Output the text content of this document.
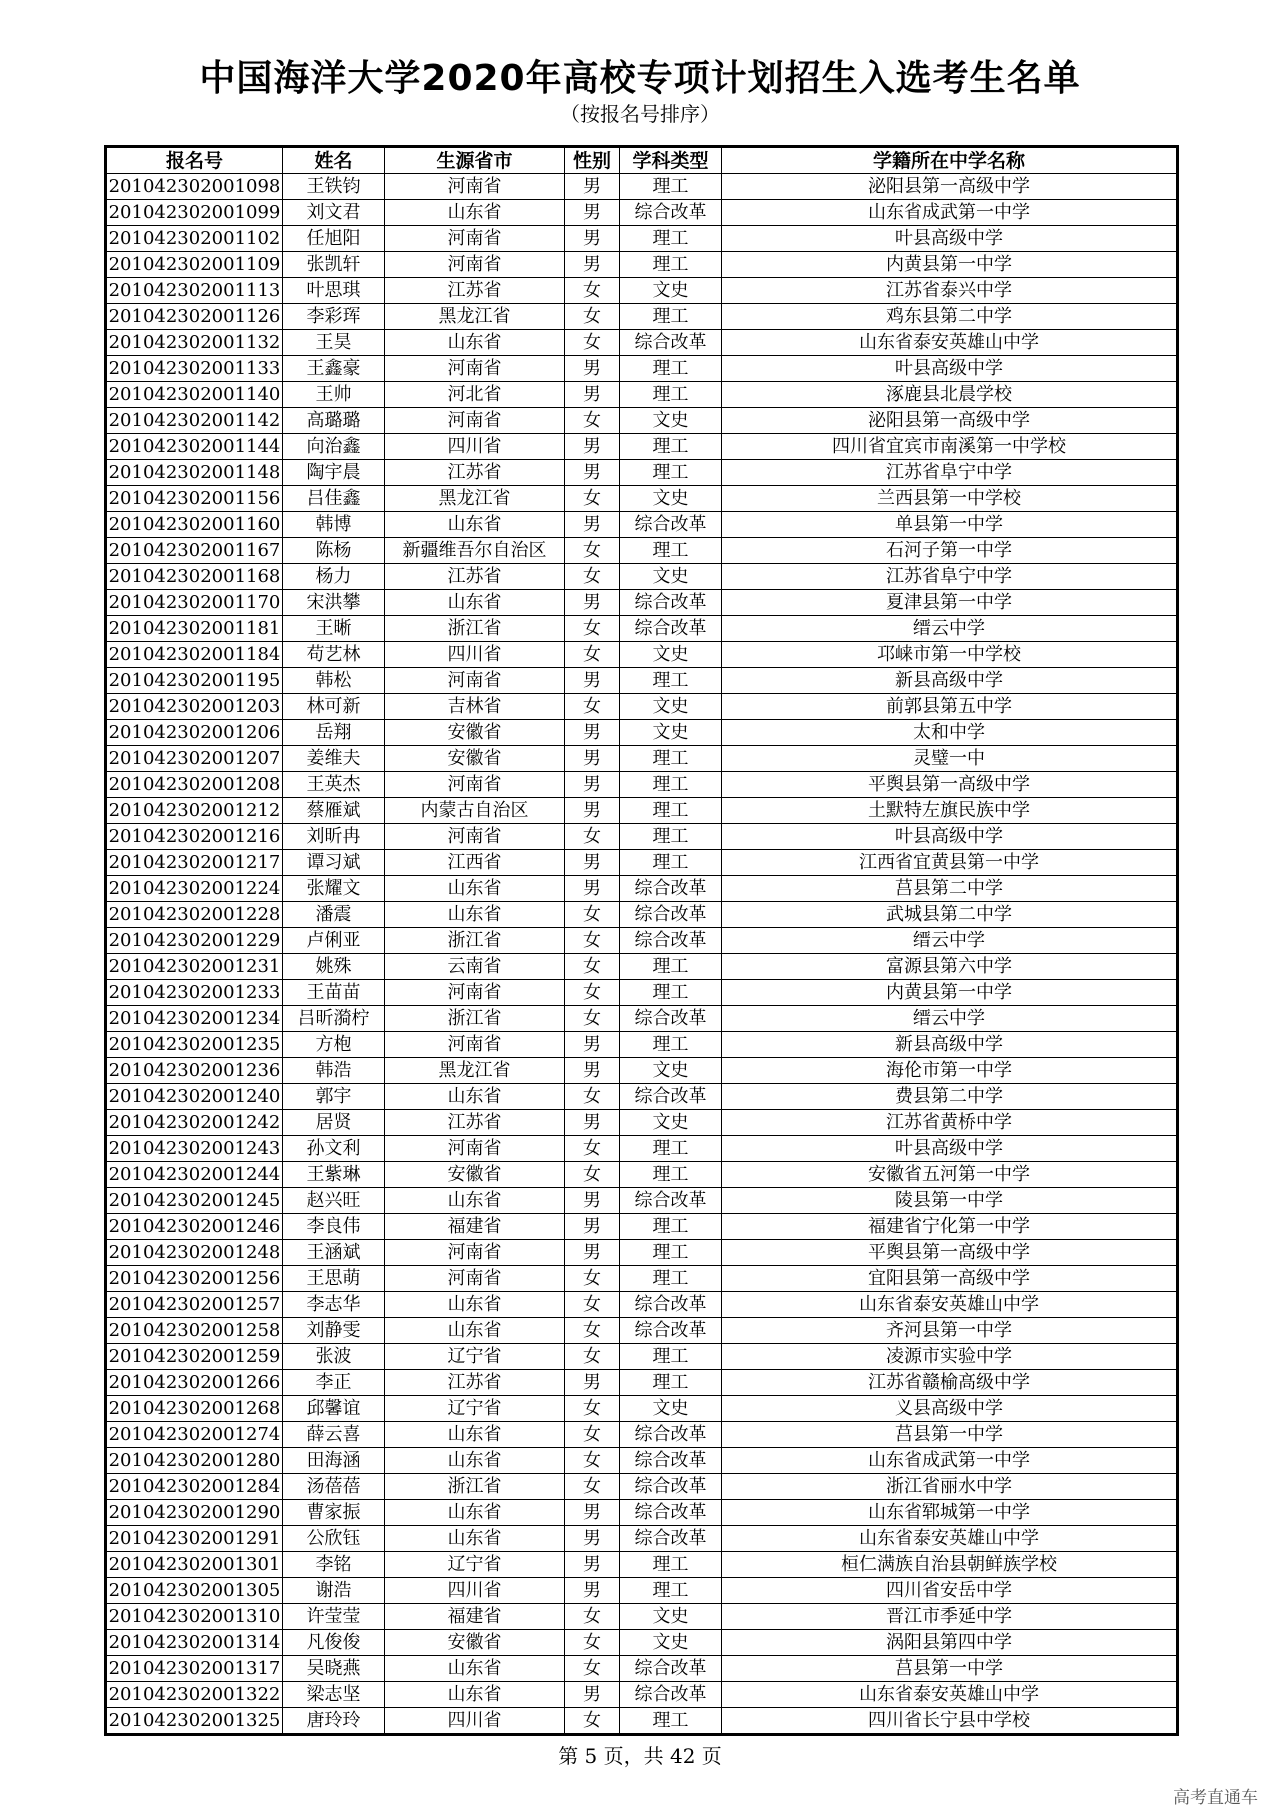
中国海洋大学2020年高校专项计划招生入选考生名单

（按报名号排序）

报名号	姓名	生源省市	性别	学科类型	学籍所在中学名称
201042302001098	王铁钧	河南省	男	理工	泌阳县第一高级中学
201042302001099	刘文君	山东省	男	综合改革	山东省成武第一中学
201042302001102	任旭阳	河南省	男	理工	叶县高级中学
201042302001109	张凯轩	河南省	男	理工	内黄县第一中学
201042302001113	叶思琪	江苏省	女	文史	江苏省泰兴中学
201042302001126	李彩珲	黑龙江省	女	理工	鸡东县第二中学
201042302001132	王昊	山东省	女	综合改革	山东省泰安英雄山中学
201042302001133	王鑫豪	河南省	男	理工	叶县高级中学
201042302001140	王帅	河北省	男	理工	涿鹿县北晨学校
201042302001142	高璐璐	河南省	女	文史	泌阳县第一高级中学
201042302001144	向治鑫	四川省	男	理工	四川省宜宾市南溪第一中学校
201042302001148	陶宇晨	江苏省	男	理工	江苏省阜宁中学
201042302001156	吕佳鑫	黑龙江省	女	文史	兰西县第一中学校
201042302001160	韩博	山东省	男	综合改革	单县第一中学
201042302001167	陈杨	新疆维吾尔自治区	女	理工	石河子第一中学
201042302001168	杨力	江苏省	女	文史	江苏省阜宁中学
201042302001170	宋洪攀	山东省	男	综合改革	夏津县第一中学
201042302001181	王晰	浙江省	女	综合改革	缙云中学
201042302001184	苟艺林	四川省	女	文史	邛崃市第一中学校
201042302001195	韩松	河南省	男	理工	新县高级中学
201042302001203	林可新	吉林省	女	文史	前郭县第五中学
201042302001206	岳翔	安徽省	男	文史	太和中学
201042302001207	姜维夫	安徽省	男	理工	灵璧一中
201042302001208	王英杰	河南省	男	理工	平舆县第一高级中学
201042302001212	蔡雁斌	内蒙古自治区	男	理工	土默特左旗民族中学
201042302001216	刘昕冉	河南省	女	理工	叶县高级中学
201042302001217	谭习斌	江西省	男	理工	江西省宜黄县第一中学
201042302001224	张耀文	山东省	男	综合改革	莒县第二中学
201042302001228	潘震	山东省	女	综合改革	武城县第二中学
201042302001229	卢俐亚	浙江省	女	综合改革	缙云中学
201042302001231	姚殊	云南省	女	理工	富源县第六中学
201042302001233	王苗苗	河南省	女	理工	内黄县第一中学
201042302001234	吕昕漪柠	浙江省	女	综合改革	缙云中学
201042302001235	方枹	河南省	男	理工	新县高级中学
201042302001236	韩浩	黑龙江省	男	文史	海伦市第一中学
201042302001240	郭宇	山东省	女	综合改革	费县第二中学
201042302001242	居贤	江苏省	男	文史	江苏省黄桥中学
201042302001243	孙文利	河南省	女	理工	叶县高级中学
201042302001244	王紫琳	安徽省	女	理工	安徽省五河第一中学
201042302001245	赵兴旺	山东省	男	综合改革	陵县第一中学
201042302001246	李良伟	福建省	男	理工	福建省宁化第一中学
201042302001248	王涵斌	河南省	男	理工	平舆县第一高级中学
201042302001256	王思萌	河南省	女	理工	宜阳县第一高级中学
201042302001257	李志华	山东省	女	综合改革	山东省泰安英雄山中学
201042302001258	刘静雯	山东省	女	综合改革	齐河县第一中学
201042302001259	张波	辽宁省	女	理工	凌源市实验中学
201042302001266	李正	江苏省	男	理工	江苏省赣榆高级中学
201042302001268	邱馨谊	辽宁省	女	文史	义县高级中学
201042302001274	薛云喜	山东省	女	综合改革	莒县第一中学
201042302001280	田海涵	山东省	女	综合改革	山东省成武第一中学
201042302001284	汤蓓蓓	浙江省	女	综合改革	浙江省丽水中学
201042302001290	曹家振	山东省	男	综合改革	山东省郓城第一中学
201042302001291	公欣钰	山东省	男	综合改革	山东省泰安英雄山中学
201042302001301	李铭	辽宁省	男	理工	桓仁满族自治县朝鲜族学校
201042302001305	谢浩	四川省	男	理工	四川省安岳中学
201042302001310	许莹莹	福建省	女	文史	晋江市季延中学
201042302001314	凡俊俊	安徽省	女	文史	涡阳县第四中学
201042302001317	吴晓燕	山东省	女	综合改革	莒县第一中学
201042302001322	梁志坚	山东省	男	综合改革	山东省泰安英雄山中学
201042302001325	唐玲玲	四川省	女	理工	四川省长宁县中学校

第 5 页，共 42 页

高考直通车
